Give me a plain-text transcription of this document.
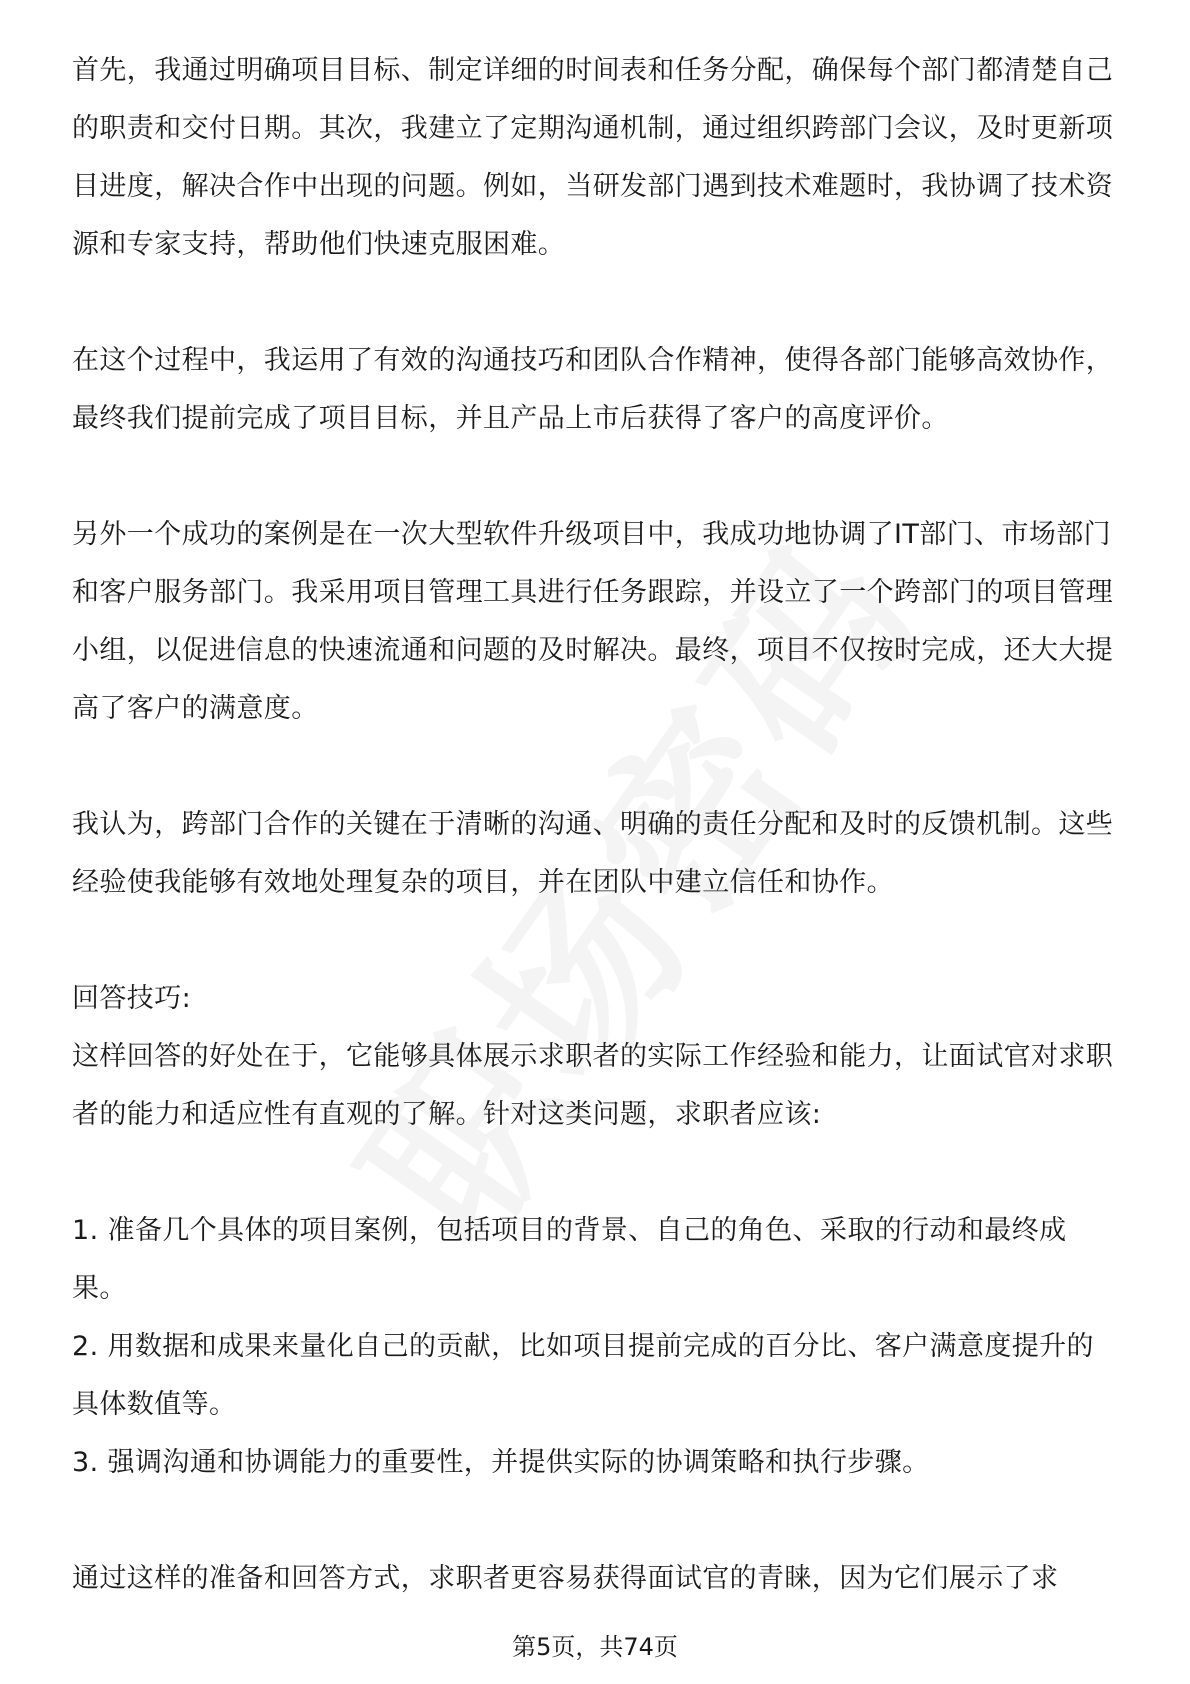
首先，我通过明确项目目标、制定详细的时间表和任务分配，确保每个部门都清楚自己的职责和交付日期。其次，我建立了定期沟通机制，通过组织跨部门会议，及时更新项目进度，解决合作中出现的问题。例如，当研发部门遇到技术难题时，我协调了技术资源和专家支持，帮助他们快速克服困难。

在这个过程中，我运用了有效的沟通技巧和团队合作精神，使得各部门能够高效协作，最终我们提前完成了项目目标，并且产品上市后获得了客户的高度评价。

另外一个成功的案例是在一次大型软件升级项目中，我成功地协调了IT部门、市场部门和客户服务部门。我采用项目管理工具进行任务跟踪，并设立了一个跨部门的项目管理小组，以促进信息的快速流通和问题的及时解决。最终，项目不仅按时完成，还大大提高了客户的满意度。

我认为，跨部门合作的关键在于清晰的沟通、明确的责任分配和及时的反馈机制。这些经验使我能够有效地处理复杂的项目，并在团队中建立信任和协作。

回答技巧:

这样回答的好处在于，它能够具体展示求职者的实际工作经验和能力，让面试官对求职者的能力和适应性有直观的了解。针对这类问题，求职者应该:

1. 准备几个具体的项目案例，包括项目的背景、自己的角色、采取的行动和最终成果。

2. 用数据和成果来量化自己的贡献，比如项目提前完成的百分比、客户满意度提升的具体数值等。

3. 强调沟通和协调能力的重要性，并提供实际的协调策略和执行步骤。

通过这样的准备和回答方式，求职者更容易获得面试官的青睐，因为它们展示了求

第5页，共74页
